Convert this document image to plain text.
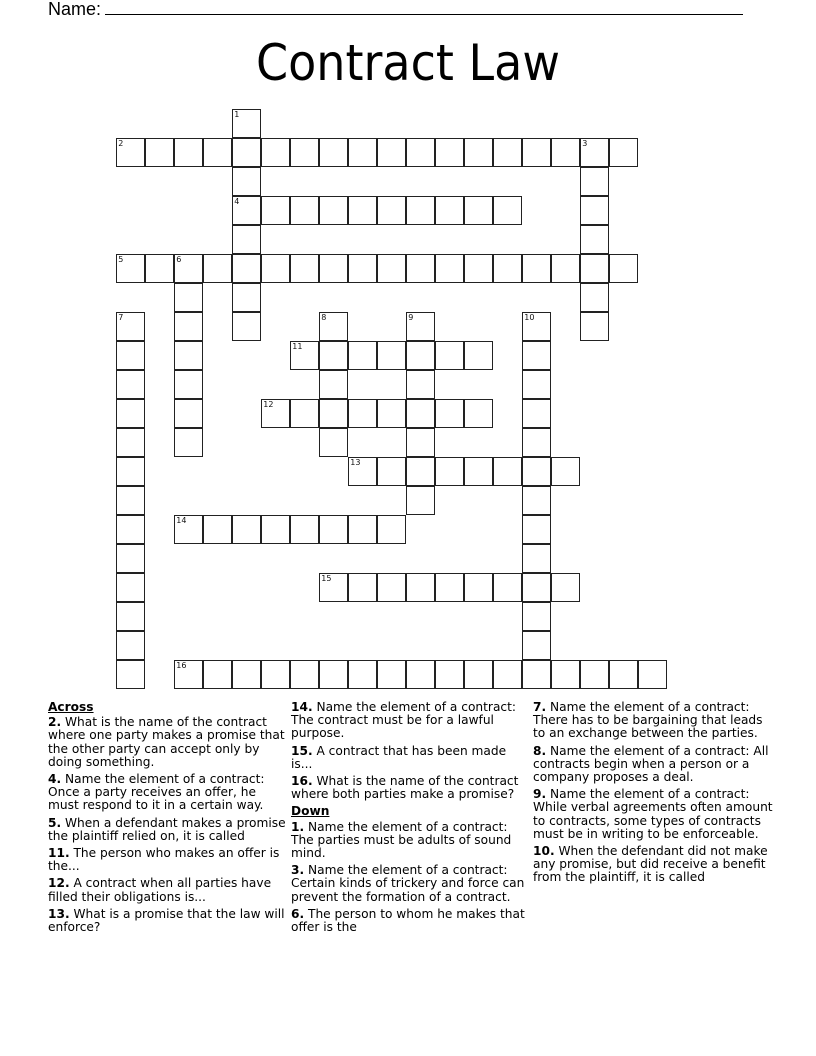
Name:
Contract Law
1
4
2	3
5	6
7	8	9	10
11
12
13
14
15
16
Across
2. What is the name of the contract where one party makes a promise that the other party can accept only by doing something.
4. Name the element of a contract: Once a party receives an offer, he must respond to it in a certain way.
5. When a defendant makes a promise the plaintiff relied on, it is called
11. The person who makes an offer is the...
12. A contract when all parties have filled their obligations is...
13. What is a promise that the law will enforce?
14. Name the element of a contract: The contract must be for a lawful purpose.
15. A contract that has been made is...
16. What is the name of the contract where both parties make a promise?
Down
1. Name the element of a contract: The parties must be adults of sound mind.
3. Name the element of a contract: Certain kinds of trickery and force can prevent the formation of a contract.
6. The person to whom he makes that offer is the
7. Name the element of a contract: There has to be bargaining that leads to an exchange between the parties.
8. Name the element of a contract: All contracts begin when a person or a company proposes a deal.
9. Name the element of a contract: While verbal agreements often amount to contracts, some types of contracts must be in writing to be enforceable.
10. When the defendant did not make any promise, but did receive a benefit from the plaintiff, it is called
